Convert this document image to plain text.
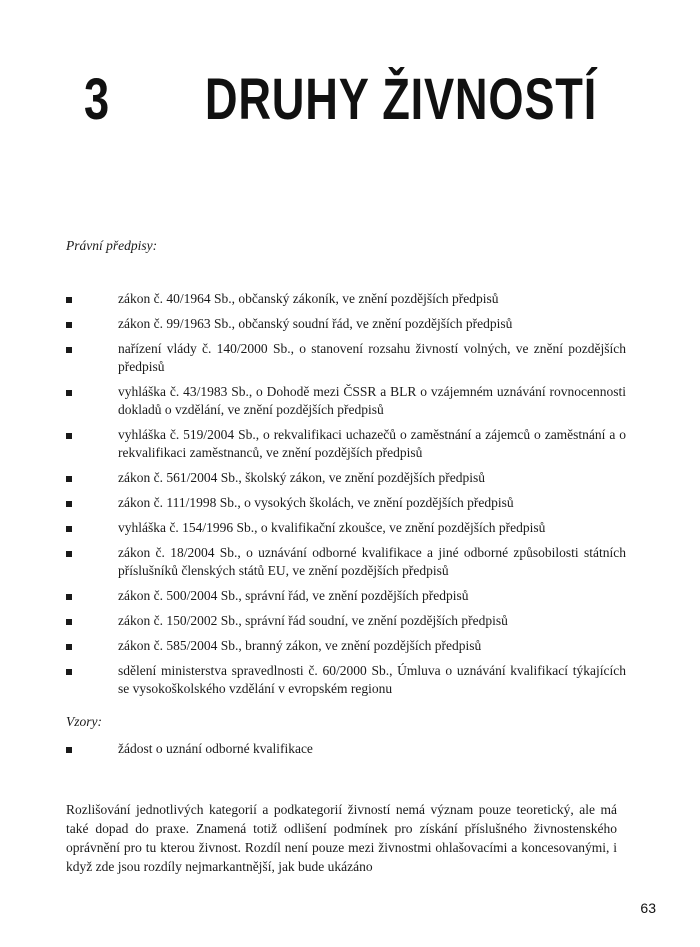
3 DRUHY ŽIVNOSTÍ
Právní předpisy:
zákon č. 40/1964 Sb., občanský zákoník, ve znění pozdějších předpisů
zákon č. 99/1963 Sb., občanský soudní řád, ve znění pozdějších předpisů
nařízení vlády č. 140/2000 Sb., o stanovení rozsahu živností volných, ve znění pozdějších předpisů
vyhláška č. 43/1983 Sb., o Dohodě mezi ČSSR a BLR o vzájemném uznávání rovnocennosti dokladů o vzdělání, ve znění pozdějších předpisů
vyhláška č. 519/2004 Sb., o rekvalifikaci uchazečů o zaměstnání a zájemců o zaměstnání a o rekvalifikaci zaměstnanců, ve znění pozdějších předpisů
zákon č. 561/2004 Sb., školský zákon, ve znění pozdějších předpisů
zákon č. 111/1998 Sb., o vysokých školách, ve znění pozdějších předpisů
vyhláška č. 154/1996 Sb., o kvalifikační zkoušce, ve znění pozdějších předpisů
zákon č. 18/2004 Sb., o uznávání odborné kvalifikace a jiné odborné způsobilosti státních příslušníků členských států EU, ve znění pozdějších předpisů
zákon č. 500/2004 Sb., správní řád, ve znění pozdějších předpisů
zákon č. 150/2002 Sb., správní řád soudní, ve znění pozdějších předpisů
zákon č. 585/2004 Sb., branný zákon, ve znění pozdějších předpisů
sdělení ministerstva spravedlnosti č. 60/2000 Sb., Úmluva o uznávání kvalifikací týkajících se vysokoškolského vzdělání v evropském regionu
Vzory:
žádost o uznání odborné kvalifikace

Rozlišování jednotlivých kategorií a podkategorií živností nemá význam pouze teoretický, ale má také dopad do praxe. Znamená totiž odlišení podmínek pro získání příslušného živnostenského oprávnění pro tu kterou živnost. Rozdíl není pouze mezi živnostmi ohlašovacími a koncesovanými, i když zde jsou rozdíly nejmarkantnější, jak bude ukázáno

63
